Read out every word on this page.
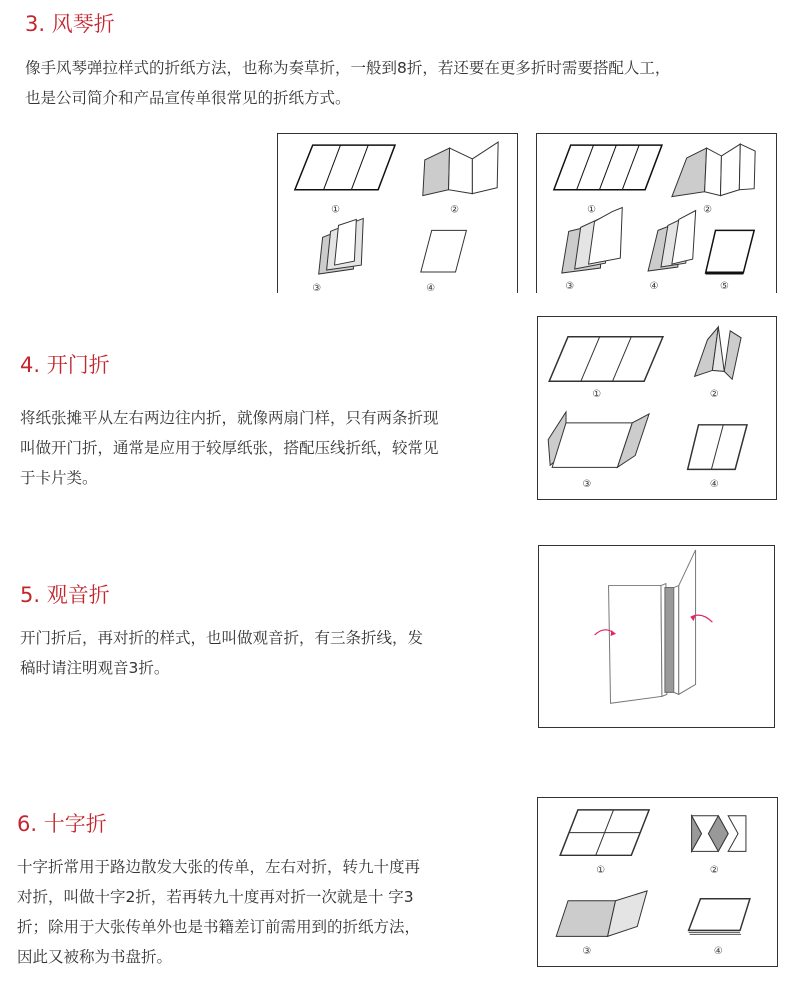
3. 风琴折

像手风琴弹拉样式的折纸方法，也称为奏草折，一般到8折，若还要在更多折时需要搭配人工，
也是公司简介和产品宣传单很常见的折纸方式。

①	②
③	④
①	②
③	④	⑤
4. 开门折

将纸张摊平从左右两边往内折，就像两扇门样，只有两条折现
叫做开门折，通常是应用于较厚纸张，搭配压线折纸，较常见
于卡片类。

①	②
③	④
5. 观音折

开门折后，再对折的样式，也叫做观音折，有三条折线，发
稿时请注明观音3折。

6. 十字折

十字折常用于路边散发大张的传单，左右对折，转九十度再
对折，叫做十字2折，若再转九十度再对折一次就是十 字3
折；除用于大张传单外也是书籍差订前需用到的折纸方法，
因此又被称为书盘折。

①	②
③	④
